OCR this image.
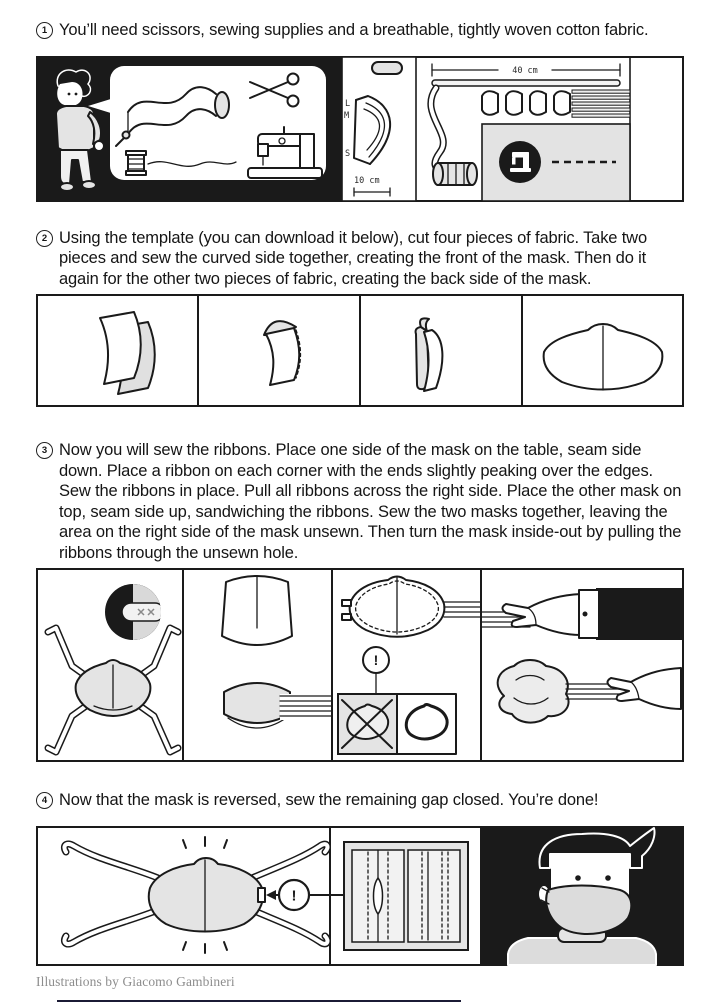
1 You’ll need scissors, sewing supplies and a breathable, tightly woven cotton fabric.

L
M
S
10 cm
40 cm
2 Using the template (you can download it below), cut four pieces of fabric. Take two pieces and sew the curved side together, creating the front of the mask. Then do it again for the other two pieces of fabric, creating the back side of the mask.

3 Now you will sew the ribbons. Place one side of the mask on the table, seam side down. Place a ribbon on each corner with the ends slightly peaking over the edges. Sew the ribbons in place. Pull all ribbons across the right side. Place the other mask on top, seam side up, sandwiching the ribbons. Sew the two masks together, leaving the area on the right side of the mask unsewn. Then turn the mask inside-out by pulling the ribbons through the unsewn hole.

!
4 Now that the mask is reversed, sew the remaining gap closed. You’re done!

!

Illustrations by Giacomo Gambineri
